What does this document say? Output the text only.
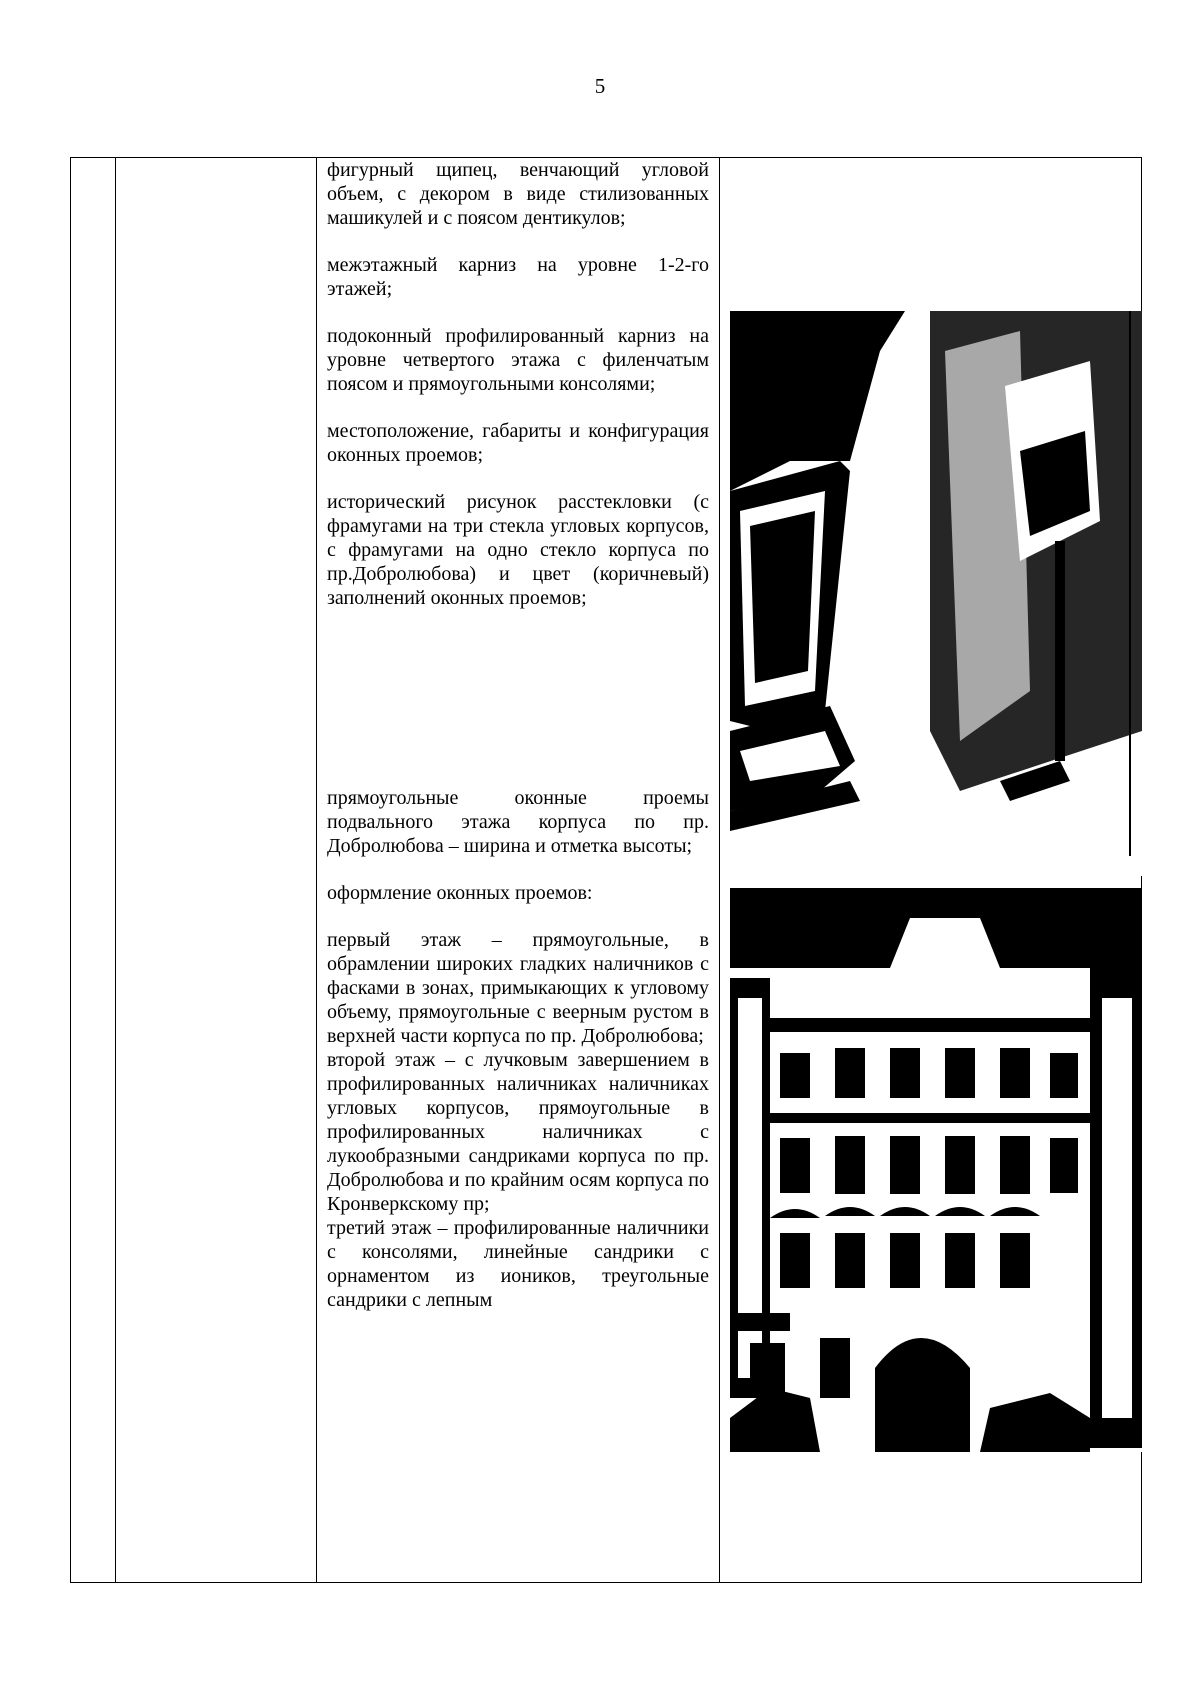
5

фигурный щипец, венчающий угловой объем, с декором в виде стилизованных машикулей и с поясом дентикулов;

межэтажный карниз на уровне 1-2-го этажей;

подоконный профилированный карниз на уровне четвертого этажа с филенчатым поясом и прямоугольными консолями;

местоположение, габариты и конфигурация оконных проемов;

исторический рисунок расстекловки (с фрамугами на три стекла угловых корпусов, с фрамугами на одно стекло корпуса по пр.Добролюбова) и цвет (коричневый) заполнений оконных проемов;

прямоугольные оконные проемы подвального этажа корпуса по пр. Добролюбова – ширина и отметка высоты;

оформление оконных проемов:

первый этаж – прямоугольные, в обрамлении широких гладких наличников с фасками в зонах, примыкающих к угловому объему, прямоугольные с веерным рустом в верхней части корпуса по пр. Добролюбова;

второй этаж – с лучковым завершением в профилированных наличниках наличниках угловых корпусов, прямоугольные в профилированных наличниках с лукообразными сандриками корпуса по пр. Добролюбова и по крайним осям корпуса по Кронверкскому пр;

третий этаж – профилированные наличники с консолями, линейные сандрики с орнаментом из иоников, треугольные сандрики с лепным
